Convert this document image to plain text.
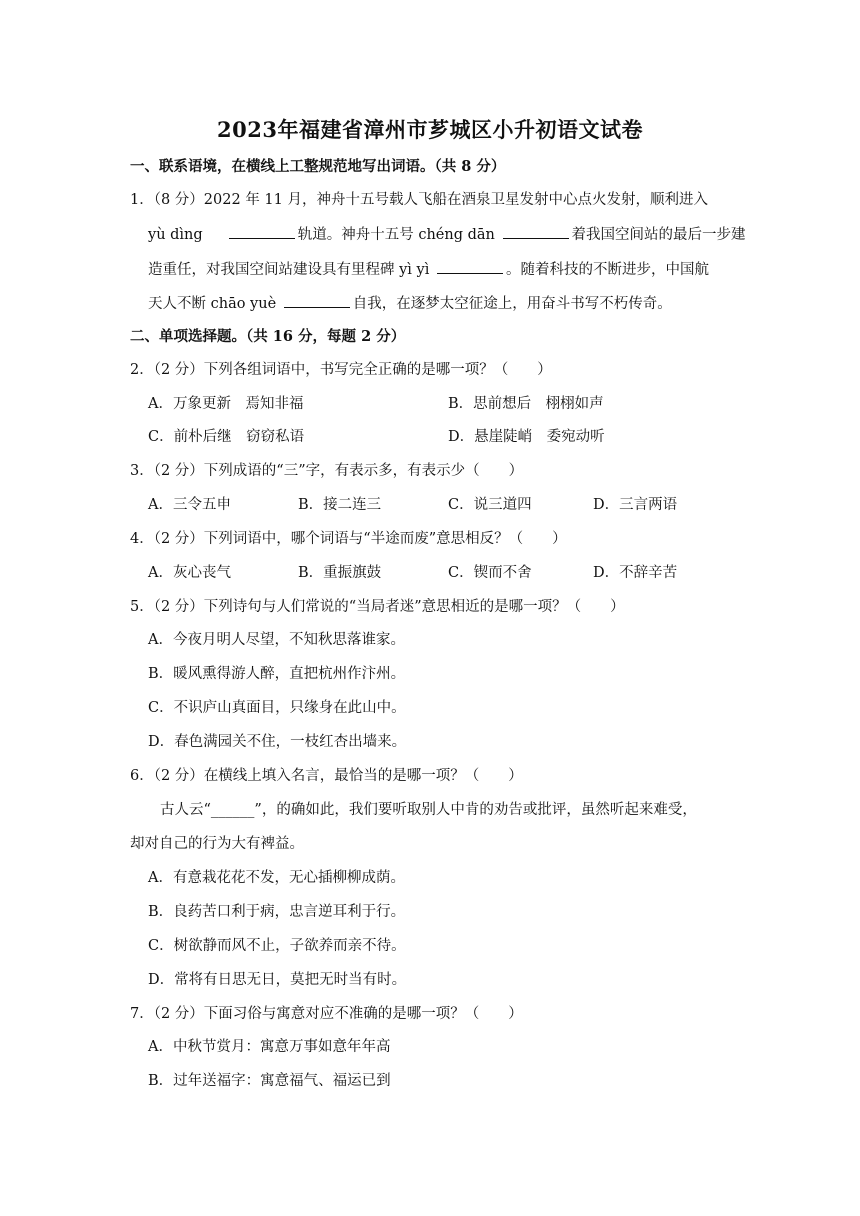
2023年福建省漳州市芗城区小升初语文试卷
一、联系语境，在横线上工整规范地写出词语。（共 8 分）
1．（8 分）2022 年 11 月，神舟十五号载人飞船在酒泉卫星发射中心点火发射，顺利进入
yù dìng	轨道。神舟十五号 chéng dān	着我国空间站的最后一步建
造重任，对我国空间站建设具有里程碑 yì yì	。随着科技的不断进步，中国航
天人不断 chāo yuè	自我，在逐梦太空征途上，用奋斗书写不朽传奇。
二、单项选择题。（共 16 分，每题 2 分）
2．（2 分）下列各组词语中，书写完全正确的是哪一项？（　　）
A．万象更新　焉知非福	B．思前想后　栩栩如声
C．前朴后继　窃窃私语	D．悬崖陡峭　委宛动听
3．（2 分）下列成语的“三”字，有表示多，有表示少（　　）
A．三令五申	B．接二连三	C．说三道四	D．三言两语
4．（2 分）下列词语中，哪个词语与“半途而废”意思相反？（　　）
A．灰心丧气	B．重振旗鼓	C．锲而不舍	D．不辞辛苦
5．（2 分）下列诗句与人们常说的“当局者迷”意思相近的是哪一项？（　　）
A．今夜月明人尽望，不知秋思落谁家。
B．暖风熏得游人醉，直把杭州作汴州。
C．不识庐山真面目，只缘身在此山中。
D．春色满园关不住，一枝红杏出墙来。
6．（2 分）在横线上填入名言，最恰当的是哪一项？（　　）
古人云“______”，的确如此，我们要听取别人中肯的劝告或批评，虽然听起来难受，
却对自己的行为大有裨益。
A．有意栽花花不发，无心插柳柳成荫。
B．良药苦口利于病，忠言逆耳利于行。
C．树欲静而风不止，子欲养而亲不待。
D．常将有日思无日，莫把无时当有时。
7．（2 分）下面习俗与寓意对应不准确的是哪一项？（　　）
A．中秋节赏月：寓意万事如意年年高
B．过年送福字：寓意福气、福运已到
